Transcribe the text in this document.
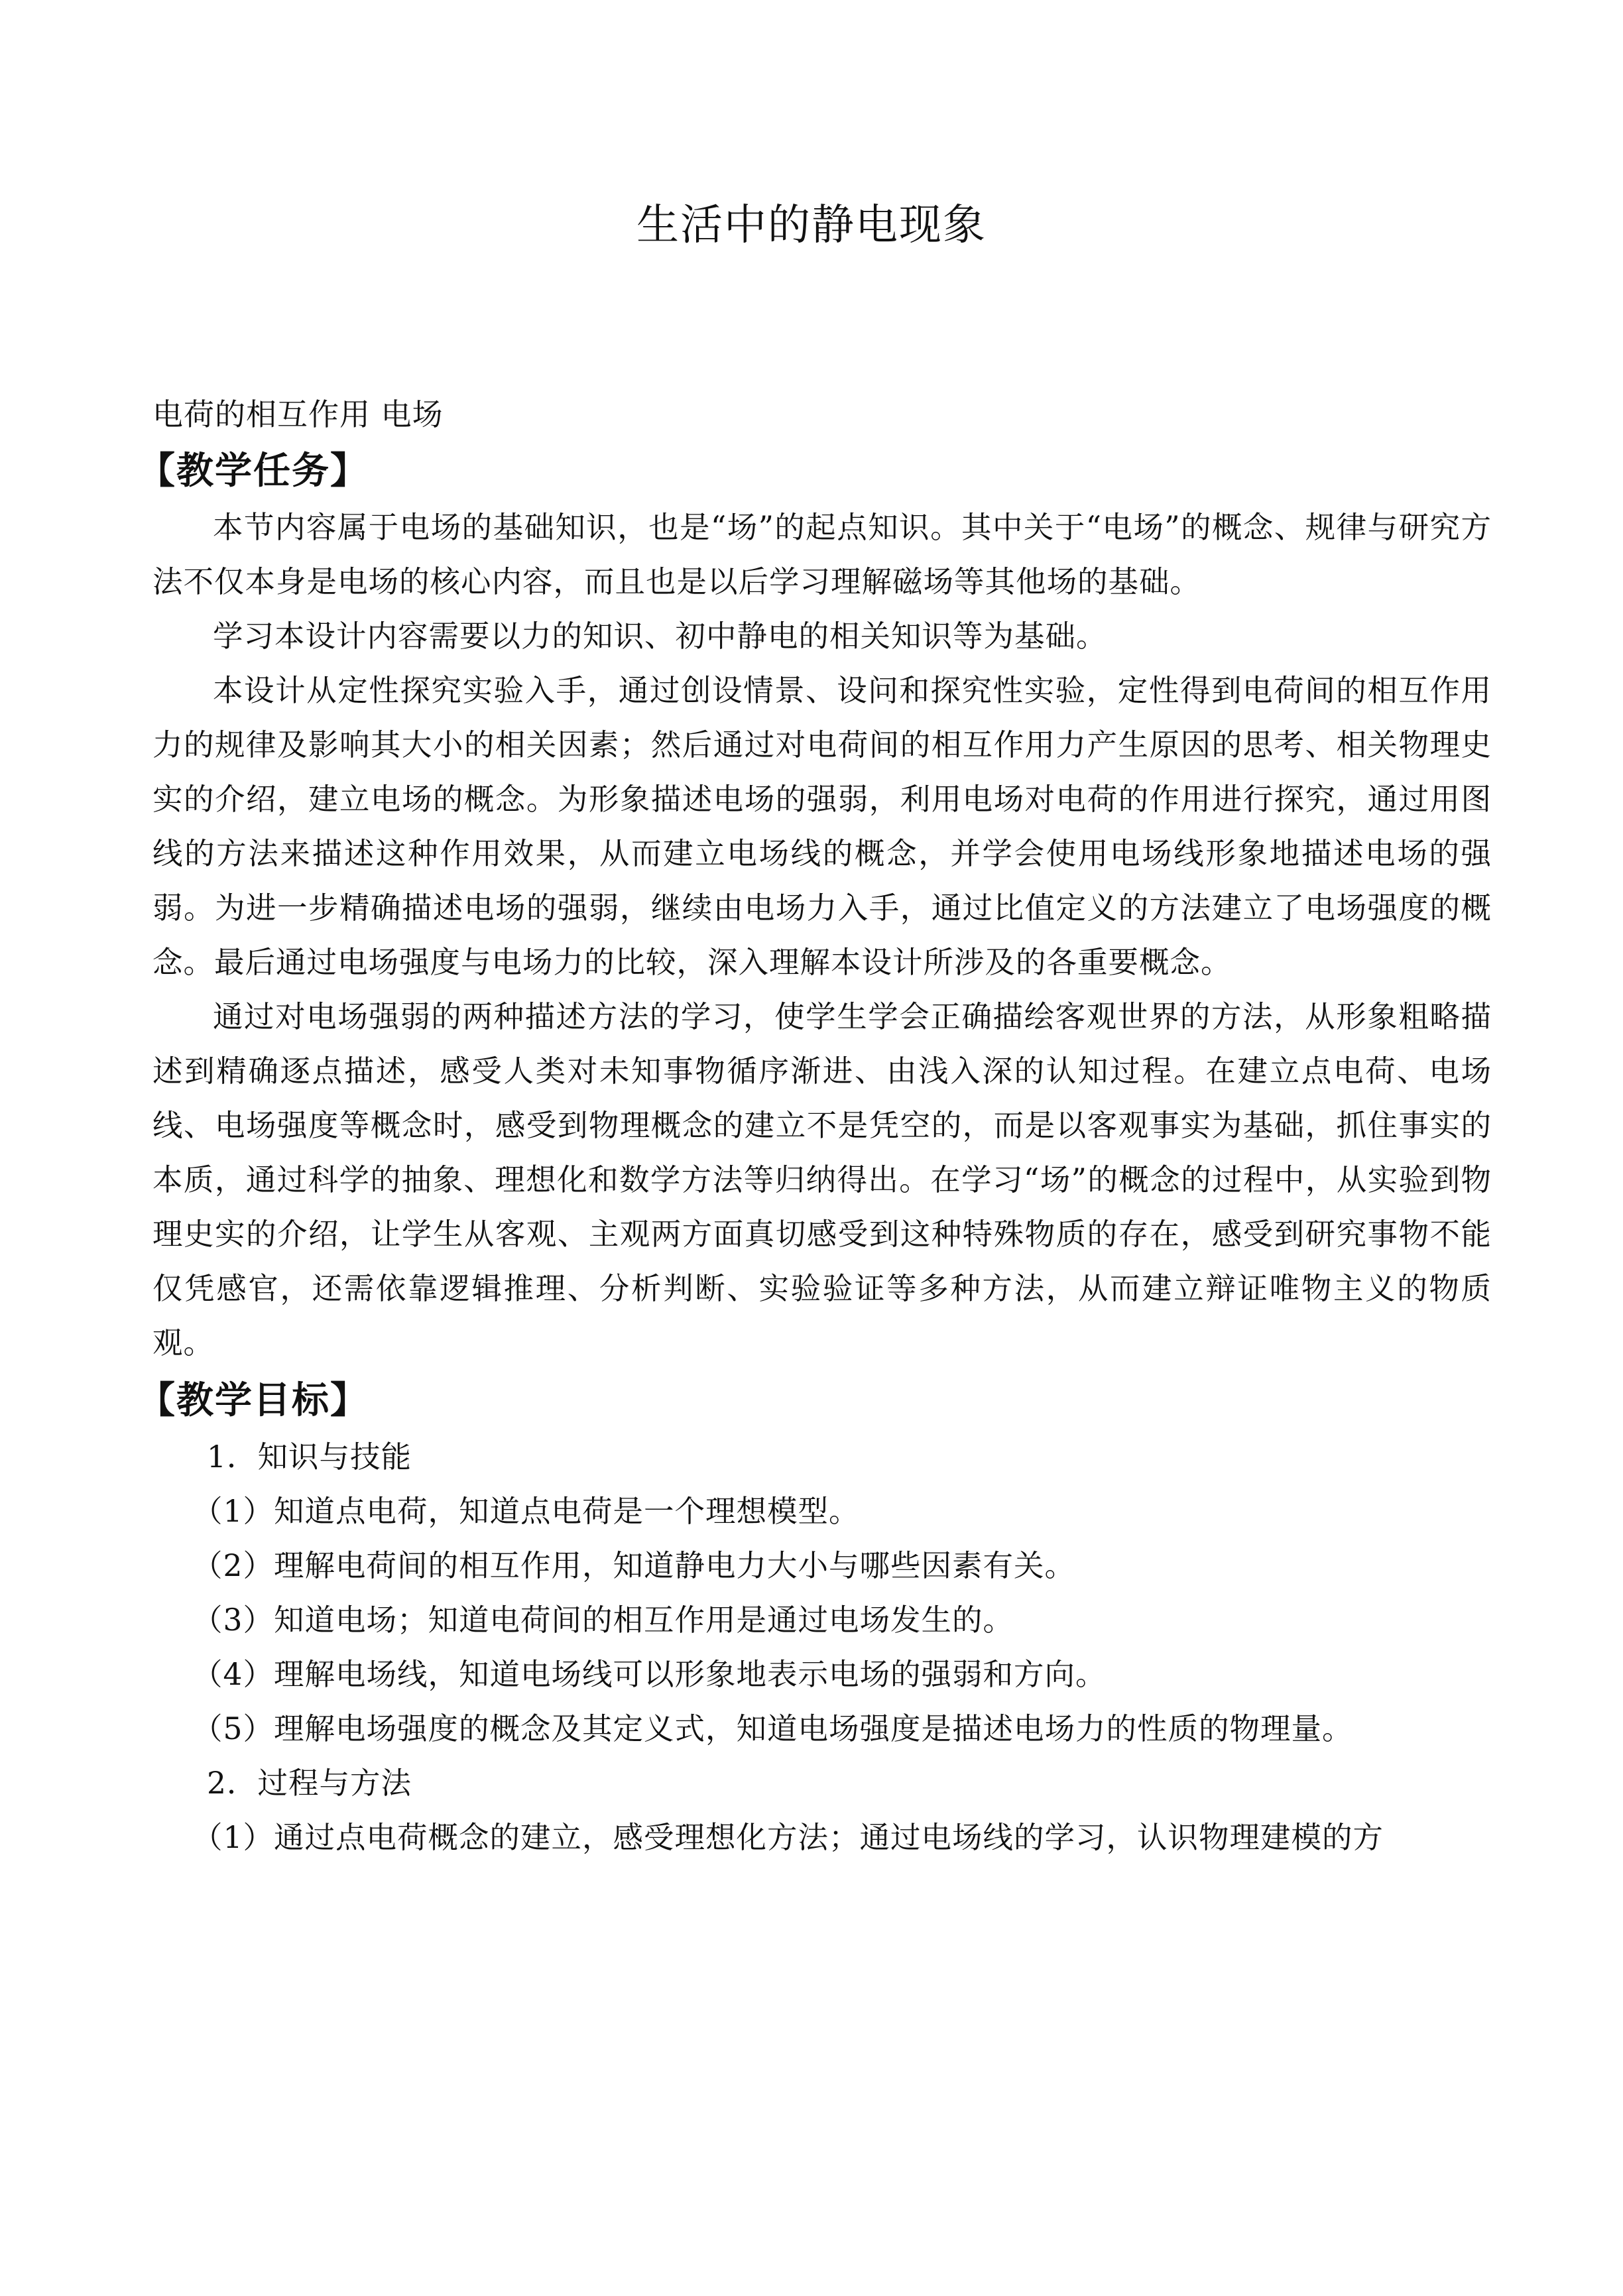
生活中的静电现象

电荷的相互作用 电场

【教学任务】

本节内容属于电场的基础知识，也是“场”的起点知识。其中关于“电场”的概念、规律与研究方法不仅本身是电场的核心内容，而且也是以后学习理解磁场等其他场的基础。

学习本设计内容需要以力的知识、初中静电的相关知识等为基础。

本设计从定性探究实验入手，通过创设情景、设问和探究性实验，定性得到电荷间的相互作用力的规律及影响其大小的相关因素；然后通过对电荷间的相互作用力产生原因的思考、相关物理史实的介绍，建立电场的概念。为形象描述电场的强弱，利用电场对电荷的作用进行探究，通过用图线的方法来描述这种作用效果，从而建立电场线的概念，并学会使用电场线形象地描述电场的强弱。为进一步精确描述电场的强弱，继续由电场力入手，通过比值定义的方法建立了电场强度的概念。最后通过电场强度与电场力的比较，深入理解本设计所涉及的各重要概念。

通过对电场强弱的两种描述方法的学习，使学生学会正确描绘客观世界的方法，从形象粗略描述到精确逐点描述，感受人类对未知事物循序渐进、由浅入深的认知过程。在建立点电荷、电场线、电场强度等概念时，感受到物理概念的建立不是凭空的，而是以客观事实为基础，抓住事实的本质，通过科学的抽象、理想化和数学方法等归纳得出。在学习“场”的概念的过程中，从实验到物理史实的介绍，让学生从客观、主观两方面真切感受到这种特殊物质的存在，感受到研究事物不能仅凭感官，还需依靠逻辑推理、分析判断、实验验证等多种方法，从而建立辩证唯物主义的物质观。

【教学目标】

1．知识与技能

（1）知道点电荷，知道点电荷是一个理想模型。

（2）理解电荷间的相互作用，知道静电力大小与哪些因素有关。

（3）知道电场；知道电荷间的相互作用是通过电场发生的。

（4）理解电场线，知道电场线可以形象地表示电场的强弱和方向。

（5）理解电场强度的概念及其定义式，知道电场强度是描述电场力的性质的物理量。

2．过程与方法

（1）通过点电荷概念的建立，感受理想化方法；通过电场线的学习，认识物理建模的方
